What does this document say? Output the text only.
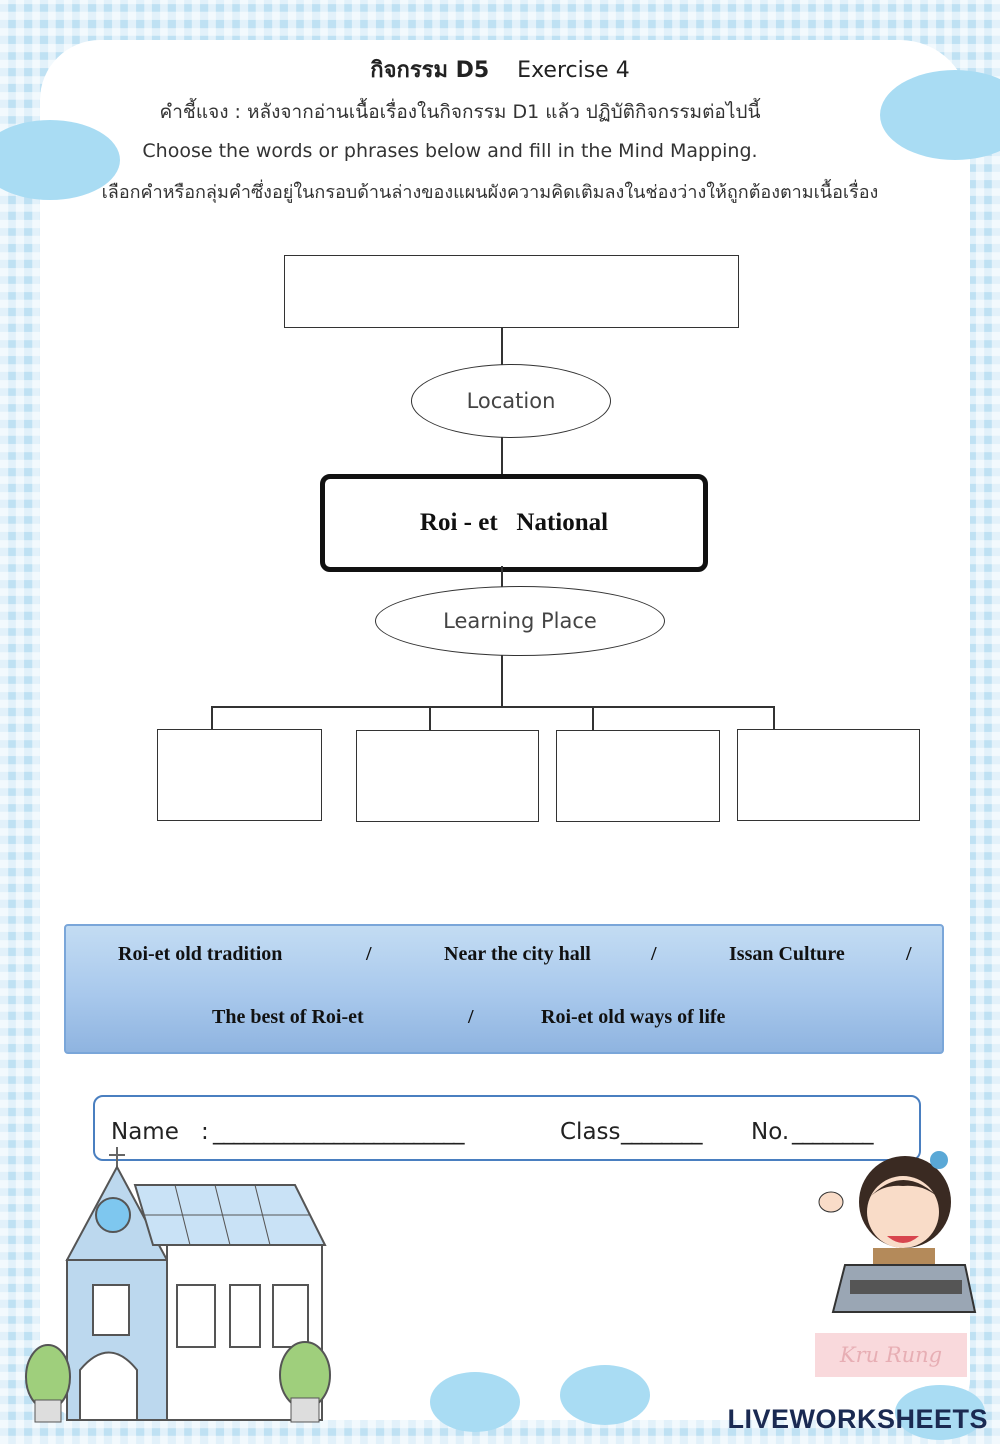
กิจกรรม D5 Exercise 4
คำชี้แจง : หลังจากอ่านเนื้อเรื่องในกิจกรรม D1 แล้ว ปฏิบัติกิจกรรมต่อไปนี้
Choose the words or phrases below and fill in the Mind Mapping.
เลือกคำหรือกลุ่มคำซึ่งอยู่ในกรอบด้านล่างของแผนผังความคิดเติมลงในช่องว่างให้ถูกต้องตามเนื้อเรื่อง
Location
Roi - et   National
Learning Place
Roi-et old tradition	/	Near the city hall	/	Issan Culture	/
The best of Roi-et	/	Roi-et old ways of life
Name : _________________________	Class ________ No. ________
Kru Rung
LIVEWORKSHEETS
